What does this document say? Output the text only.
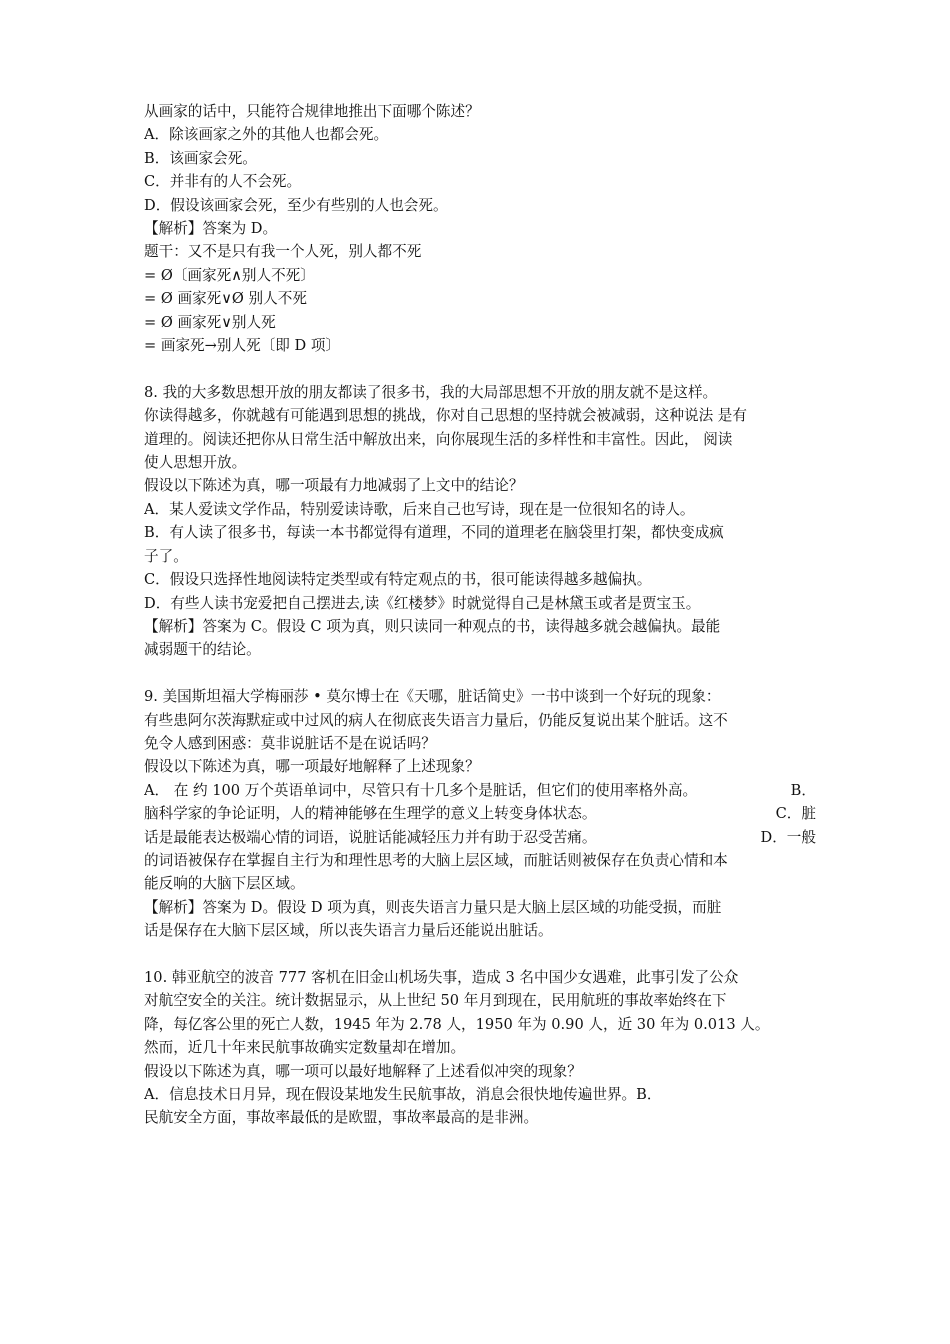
从画家的话中，只能符合规律地推出下面哪个陈述？
A．除该画家之外的其他人也都会死。
B．该画家会死。
C．并非有的人不会死。
D．假设该画家会死，至少有些别的人也会死。
【解析】答案为 D。
题干：又不是只有我一个人死，别人都不死
= Ø〔画家死∧别人不死〕
= Ø 画家死∨Ø 别人不死
= Ø 画家死∨别人死
= 画家死→别人死〔即 D 项〕
8. 我的大多数思想开放的朋友都读了很多书，我的大局部思想不开放的朋友就不是这样。
你读得越多，你就越有可能遇到思想的挑战，你对自己思想的坚持就会被减弱，这种说法 是有
道理的。阅读还把你从日常生活中解放出来，向你展现生活的多样性和丰富性。因此， 阅读
使人思想开放。
假设以下陈述为真，哪一项最有力地减弱了上文中的结论？
A．某人爱读文学作品，特别爱读诗歌，后来自己也写诗，现在是一位很知名的诗人。
B．有人读了很多书，每读一本书都觉得有道理，不同的道理老在脑袋里打架，都快变成疯
子了。
C．假设只选择性地阅读特定类型或有特定观点的书，很可能读得越多越偏执。
D．有些人读书宠爱把自己摆进去,读《红楼梦》时就觉得自己是林黛玉或者是贾宝玉。
【解析】答案为 C。假设 C 项为真，则只读同一种观点的书，读得越多就会越偏执。最能
减弱题干的结论。
9. 美国斯坦福大学梅丽莎 • 莫尔博士在《天哪，脏话简史》一书中谈到一个好玩的现象：
有些患阿尔茨海默症或中过风的病人在彻底丧失语言力量后，仍能反复说出某个脏话。这不
免令人感到困惑：莫非说脏话不是在说话吗？
假设以下陈述为真，哪一项最好地解释了上述现象？
A． 在 约 100 万个英语单词中，尽管只有十几多个是脏话，但它们的使用率格外高。	B．
脑科学家的争论证明，人的精神能够在生理学的意义上转变身体状态。	C．脏
话是最能表达极端心情的词语，说脏话能减轻压力并有助于忍受苦痛。	D．一般
的词语被保存在掌握自主行为和理性思考的大脑上层区域，而脏话则被保存在负责心情和本
能反响的大脑下层区域。
【解析】答案为 D。假设 D 项为真，则丧失语言力量只是大脑上层区域的功能受损，而脏
话是保存在大脑下层区域，所以丧失语言力量后还能说出脏话。
10. 韩亚航空的波音 777 客机在旧金山机场失事，造成 3 名中国少女遇难，此事引发了公众
对航空安全的关注。统计数据显示，从上世纪 50 年月到现在，民用航班的事故率始终在下
降，每亿客公里的死亡人数，1945 年为 2.78 人，1950 年为 0.90 人，近 30 年为 0.013 人。
然而，近几十年来民航事故确实定数量却在增加。
假设以下陈述为真，哪一项可以最好地解释了上述看似冲突的现象？
A．信息技术日月异，现在假设某地发生民航事故，消息会很快地传遍世界。B．
民航安全方面，事故率最低的是欧盟，事故率最高的是非洲。
